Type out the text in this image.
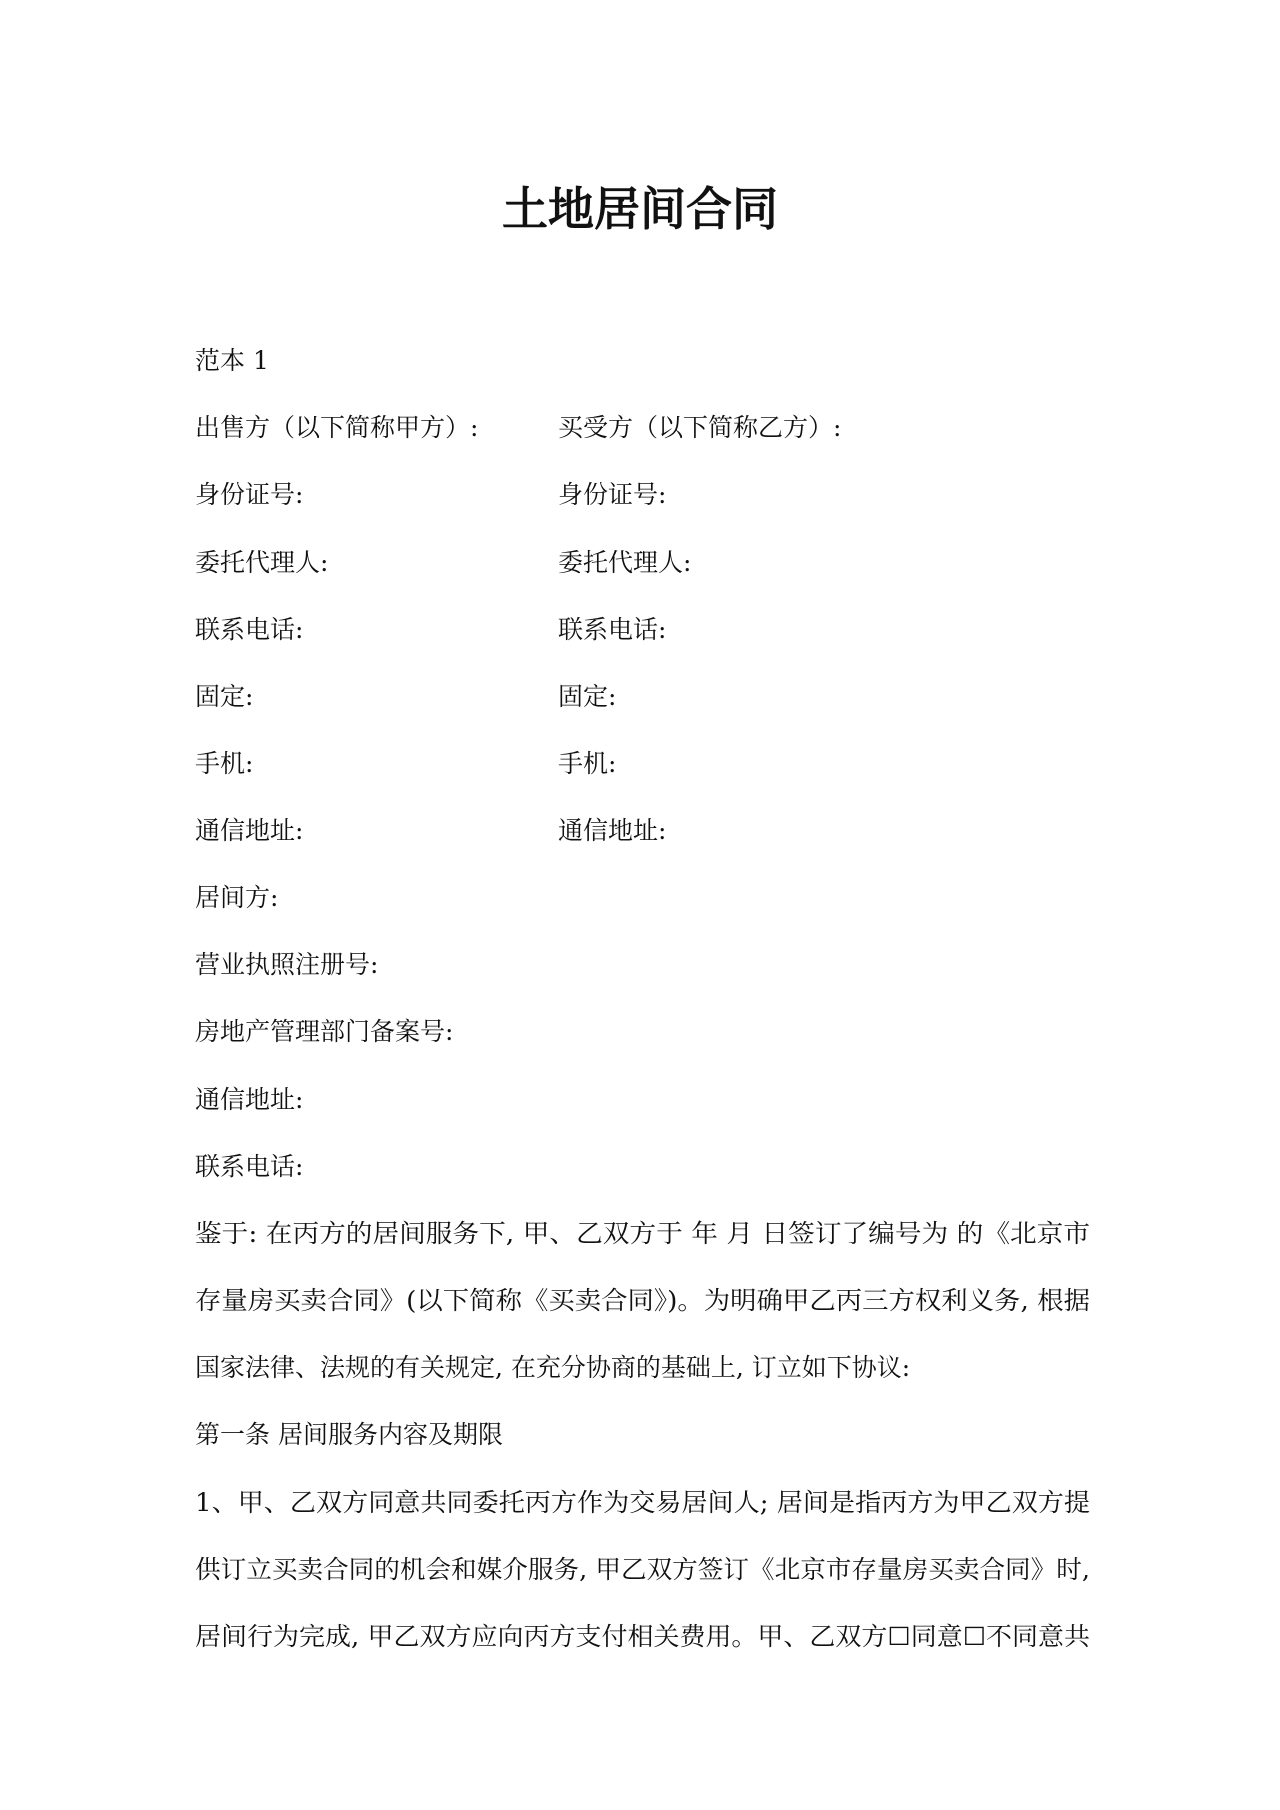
土地居间合同
范本 1
出售方（以下简称甲方）:	买受方（以下简称乙方）:
身份证号:	身份证号:
委托代理人:	委托代理人:
联系电话:	联系电话:
固定:	固定:
手机:	手机:
通信地址:	通信地址:
居间方:
营业执照注册号:
房地产管理部门备案号:
通信地址:
联系电话:
鉴于: 在丙方的居间服务下, 甲、乙双方于 年 月 日签订了编号为 的《北京市
存量房买卖合同》(以下简称《买卖合同》)。为明确甲乙丙三方权利义务, 根据
国家法律、法规的有关规定, 在充分协商的基础上, 订立如下协议:
第一条 居间服务内容及期限
1、甲、乙双方同意共同委托丙方作为交易居间人; 居间是指丙方为甲乙双方提
供订立买卖合同的机会和媒介服务, 甲乙双方签订《北京市存量房买卖合同》时,
居间行为完成, 甲乙双方应向丙方支付相关费用。甲、乙双方☐同意☐不同意共
